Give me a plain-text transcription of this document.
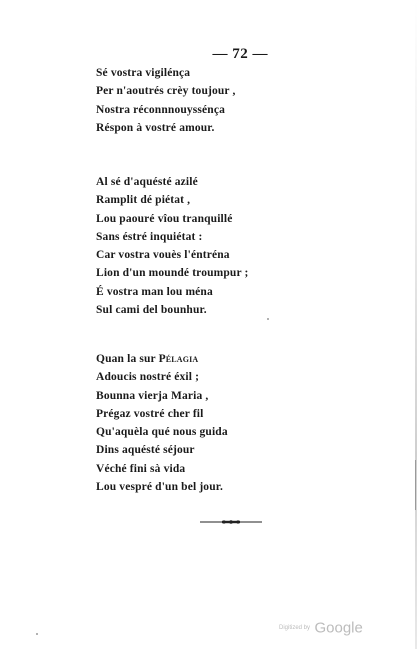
— 72 —
Sé vostra vigilénça
Per n'aoutrés crèy toujour ,
Nostra réconnnouyssénça
Réspon à vostré amour.
Al sé d'aquésté azilé
Ramplit dé piétat ,
Lou paouré vîou tranquillé
Sans éstré inquiétat :
Car vostra vouès l'éntréna
Lion d'un moundé troumpur ;
É vostra man lou ména
Sul cami del bounhur.
Quan la sur Pélagia
Adoucis nostré éxil ;
Bounna vierja Maria ,
Prégaz vostré cher fil
Qu'aquèla qué nous guida
Dins aquésté séjour
Véché fini sà vida
Lou vespré d'un bel jour.
Digitized by Google
